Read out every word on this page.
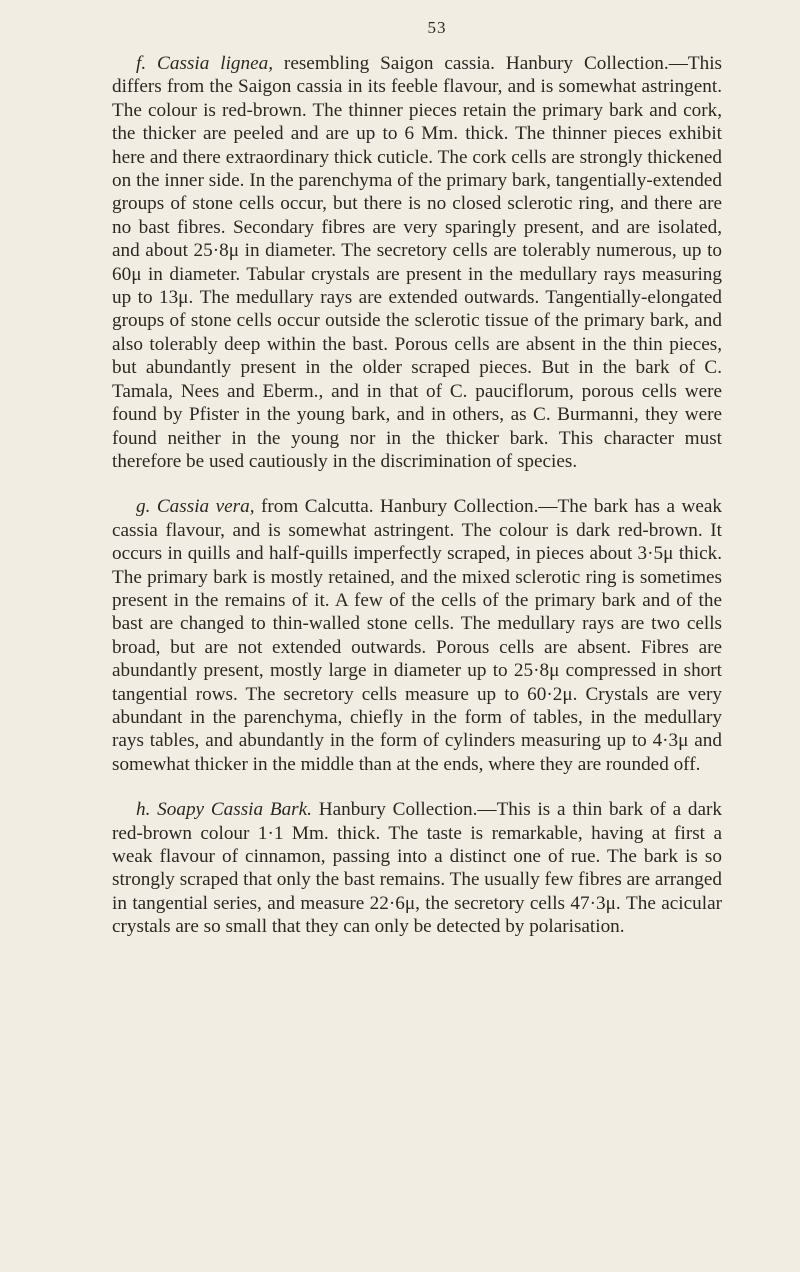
53

f. Cassia lignea, resembling Saigon cassia. Hanbury Collection.—This differs from the Saigon cassia in its feeble flavour, and is somewhat astringent. The colour is red-brown. The thinner pieces retain the primary bark and cork, the thicker are peeled and are up to 6 Mm. thick. The thinner pieces exhibit here and there extraordinary thick cuticle. The cork cells are strongly thickened on the inner side. In the parenchyma of the primary bark, tangentially-extended groups of stone cells occur, but there is no closed sclerotic ring, and there are no bast fibres. Secondary fibres are very sparingly present, and are isolated, and about 25·8μ in diameter. The secretory cells are tolerably numerous, up to 60μ in diameter. Tabular crystals are present in the medullary rays measuring up to 13μ. The medullary rays are extended outwards. Tangentially-elongated groups of stone cells occur outside the sclerotic tissue of the primary bark, and also tolerably deep within the bast. Porous cells are absent in the thin pieces, but abundantly present in the older scraped pieces. But in the bark of C. Tamala, Nees and Eberm., and in that of C. pauciflorum, porous cells were found by Pfister in the young bark, and in others, as C. Burmanni, they were found neither in the young nor in the thicker bark. This character must therefore be used cautiously in the discrimination of species.

g. Cassia vera, from Calcutta. Hanbury Collection.—The bark has a weak cassia flavour, and is somewhat astringent. The colour is dark red-brown. It occurs in quills and half-quills imperfectly scraped, in pieces about 3·5μ thick. The primary bark is mostly retained, and the mixed sclerotic ring is sometimes present in the remains of it. A few of the cells of the primary bark and of the bast are changed to thin-walled stone cells. The medullary rays are two cells broad, but are not extended outwards. Porous cells are absent. Fibres are abundantly present, mostly large in diameter up to 25·8μ compressed in short tangential rows. The secretory cells measure up to 60·2μ. Crystals are very abundant in the parenchyma, chiefly in the form of tables, in the medullary rays tables, and abundantly in the form of cylinders measuring up to 4·3μ and somewhat thicker in the middle than at the ends, where they are rounded off.

h. Soapy Cassia Bark. Hanbury Collection.—This is a thin bark of a dark red-brown colour 1·1 Mm. thick. The taste is remarkable, having at first a weak flavour of cinnamon, passing into a distinct one of rue. The bark is so strongly scraped that only the bast remains. The usually few fibres are arranged in tangential series, and measure 22·6μ, the secretory cells 47·3μ. The acicular crystals are so small that they can only be detected by polarisation.
